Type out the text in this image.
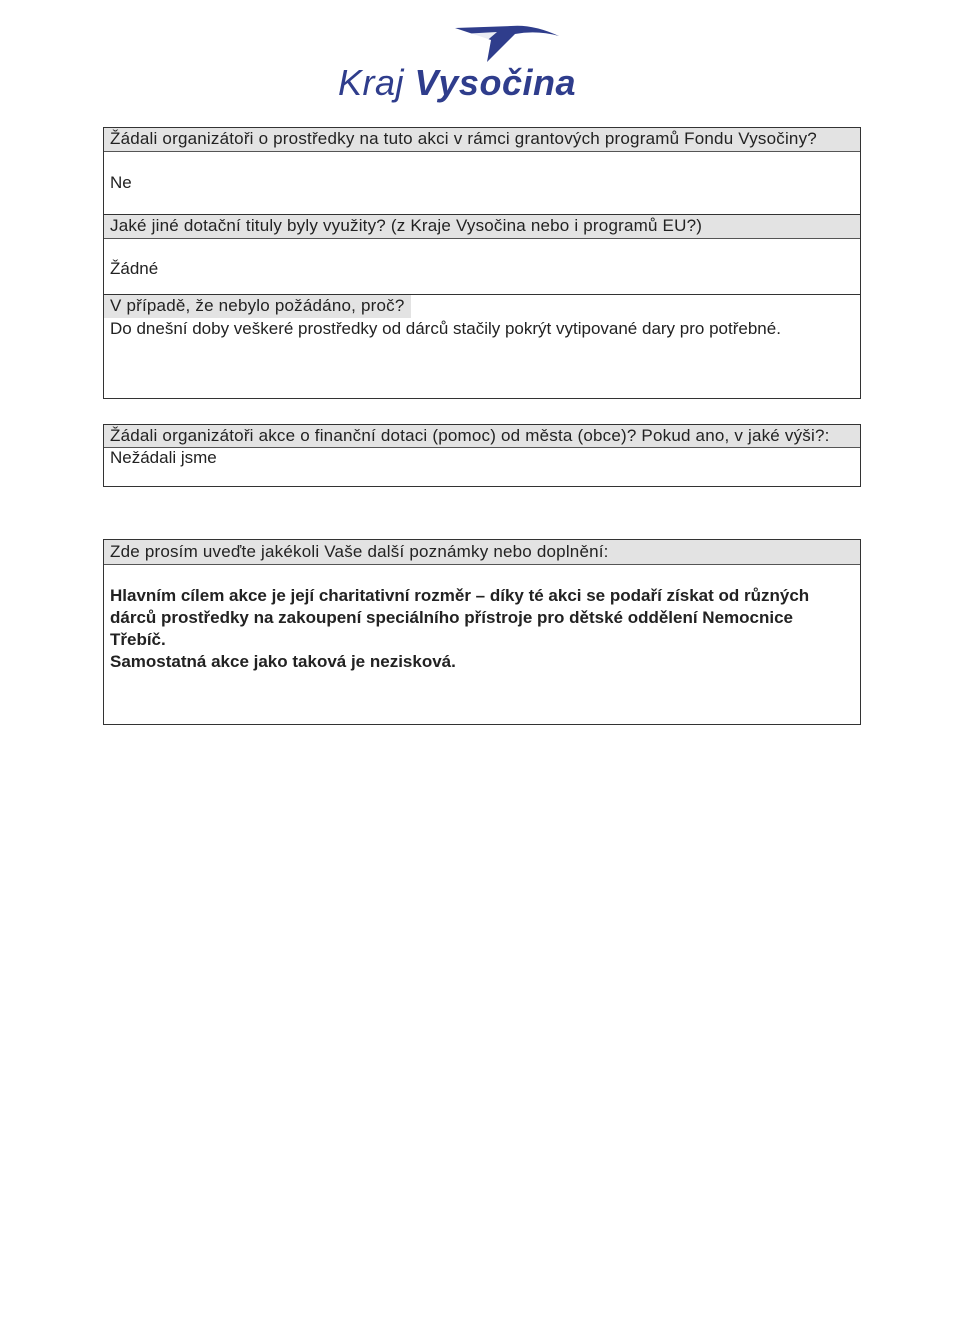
Kraj Vysočina
Žádali organizátoři o prostředky na tuto akci v rámci grantových programů Fondu Vysočiny?
Ne
Jaké jiné dotační tituly byly využity? (z Kraje Vysočina nebo i programů EU?)
Žádné
V případě, že nebylo požádáno, proč?
Do dnešní doby veškeré prostředky od dárců stačily pokrýt vytipované dary pro potřebné.
Žádali organizátoři akce o finanční dotaci (pomoc) od města (obce)? Pokud ano, v jaké výši?:
Nežádali jsme
Zde prosím uveďte jakékoli Vaše další poznámky nebo doplnění:
Hlavním cílem akce je její charitativní rozměr – díky té akci se podaří získat od různých
dárců prostředky na zakoupení speciálního přístroje pro dětské oddělení Nemocnice
Třebíč.
Samostatná akce jako taková je nezisková.
